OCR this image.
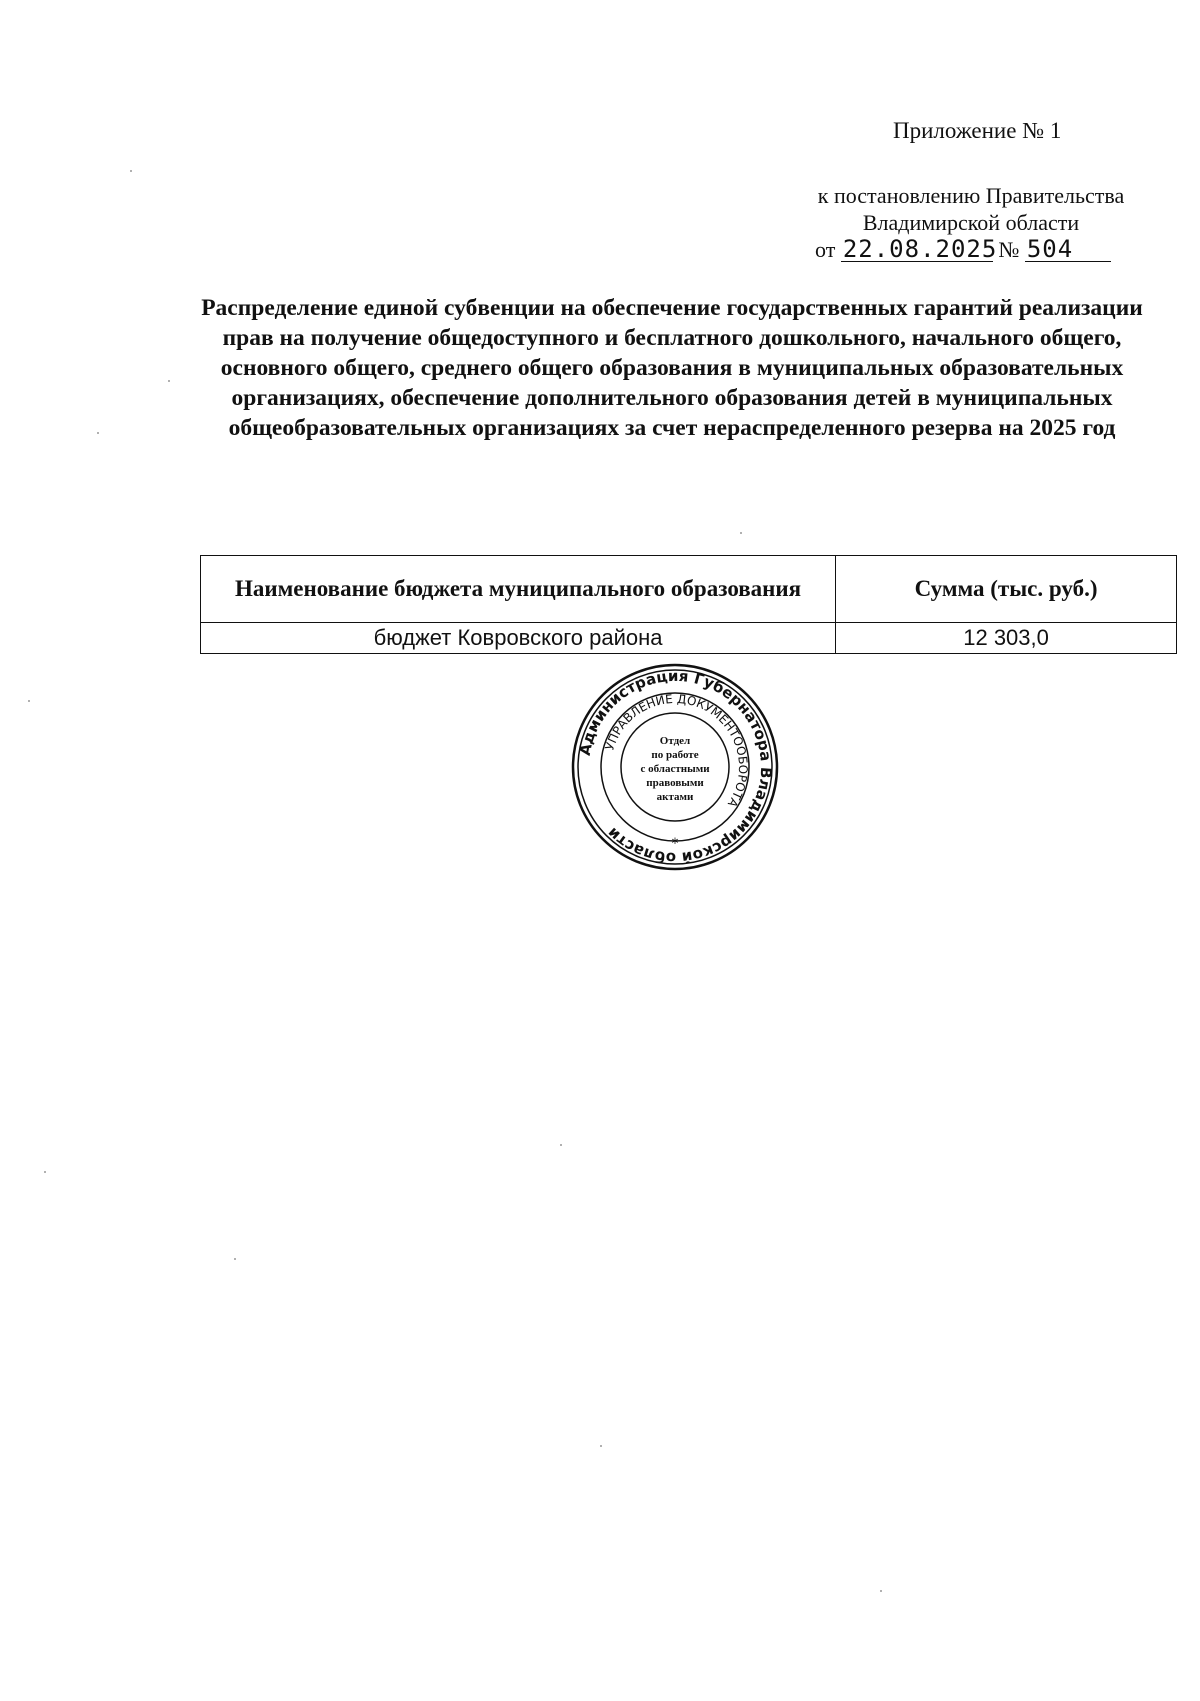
Приложение № 1
к постановлению Правительства
Владимирской области
от 22.08.2025 № 504
Распределение единой субвенции на обеспечение государственных гарантий реализации прав на получение общедоступного и бесплатного дошкольного, начального общего, основного общего, среднего общего образования в муниципальных образовательных организациях, обеспечение дополнительного образования детей в муниципальных общеобразовательных организациях за счет нераспределенного резерва на 2025 год
Наименование бюджета муниципального образования	Сумма (тыс. руб.)
бюджет Ковровского района	12 303,0
Администрация Губернатора Владимирской области
УПРАВЛЕНИЕ ДОКУМЕНТООБОРОТА
Отдел
по работе
с областными
правовыми
актами
*
